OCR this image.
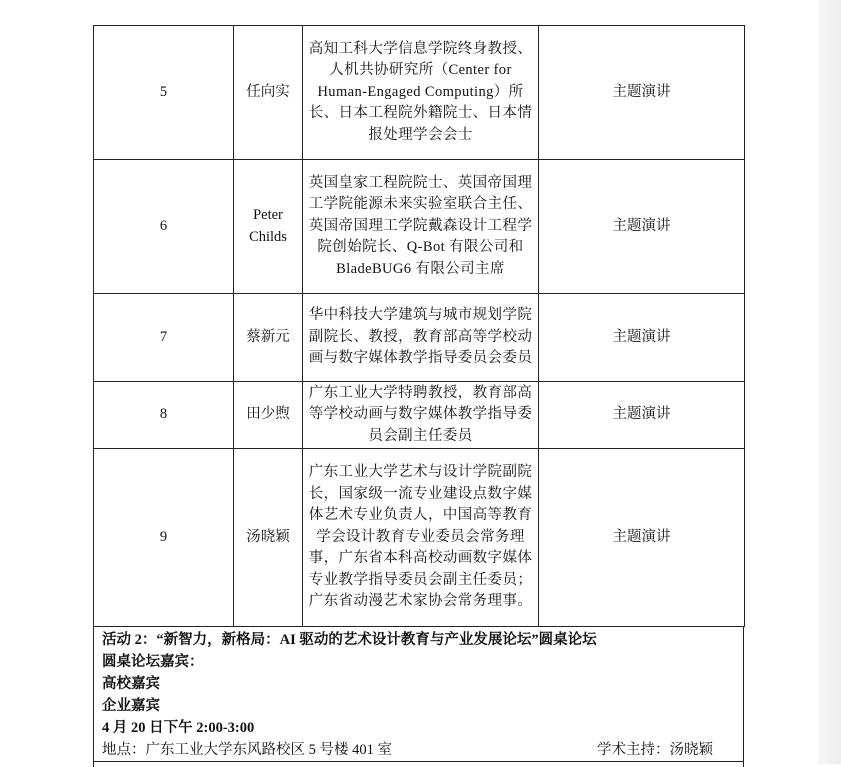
5	任向实	高知工科大学信息学院终身教授、人机共协研究所（Center for Human-Engaged Computing）所长、日本工程院外籍院士、日本情报处理学会会士	主题演讲
6	Peter Childs	英国皇家工程院院士、英国帝国理工学院能源未来实验室联合主任、英国帝国理工学院戴森设计工程学院创始院长、Q-Bot 有限公司和 BladeBUG6 有限公司主席	主题演讲
7	蔡新元	华中科技大学建筑与城市规划学院副院长、教授，教育部高等学校动画与数字媒体教学指导委员会委员	主题演讲
8	田少煦	广东工业大学特聘教授，教育部高等学校动画与数字媒体教学指导委员会副主任委员	主题演讲
9	汤晓颖	广东工业大学艺术与设计学院副院长，国家级一流专业建设点数字媒体艺术专业负责人，中国高等教育学会设计教育专业委员会常务理事，广东省本科高校动画数字媒体专业教学指导委员会副主任委员；广东省动漫艺术家协会常务理事。	主题演讲
活动 2：“新智力，新格局：AI 驱动的艺术设计教育与产业发展论坛”圆桌论坛
圆桌论坛嘉宾：
高校嘉宾
企业嘉宾
4 月 20 日下午 2:00-3:00
地点：广东工业大学东风路校区 5 号楼 401 室	学术主持：汤晓颖
